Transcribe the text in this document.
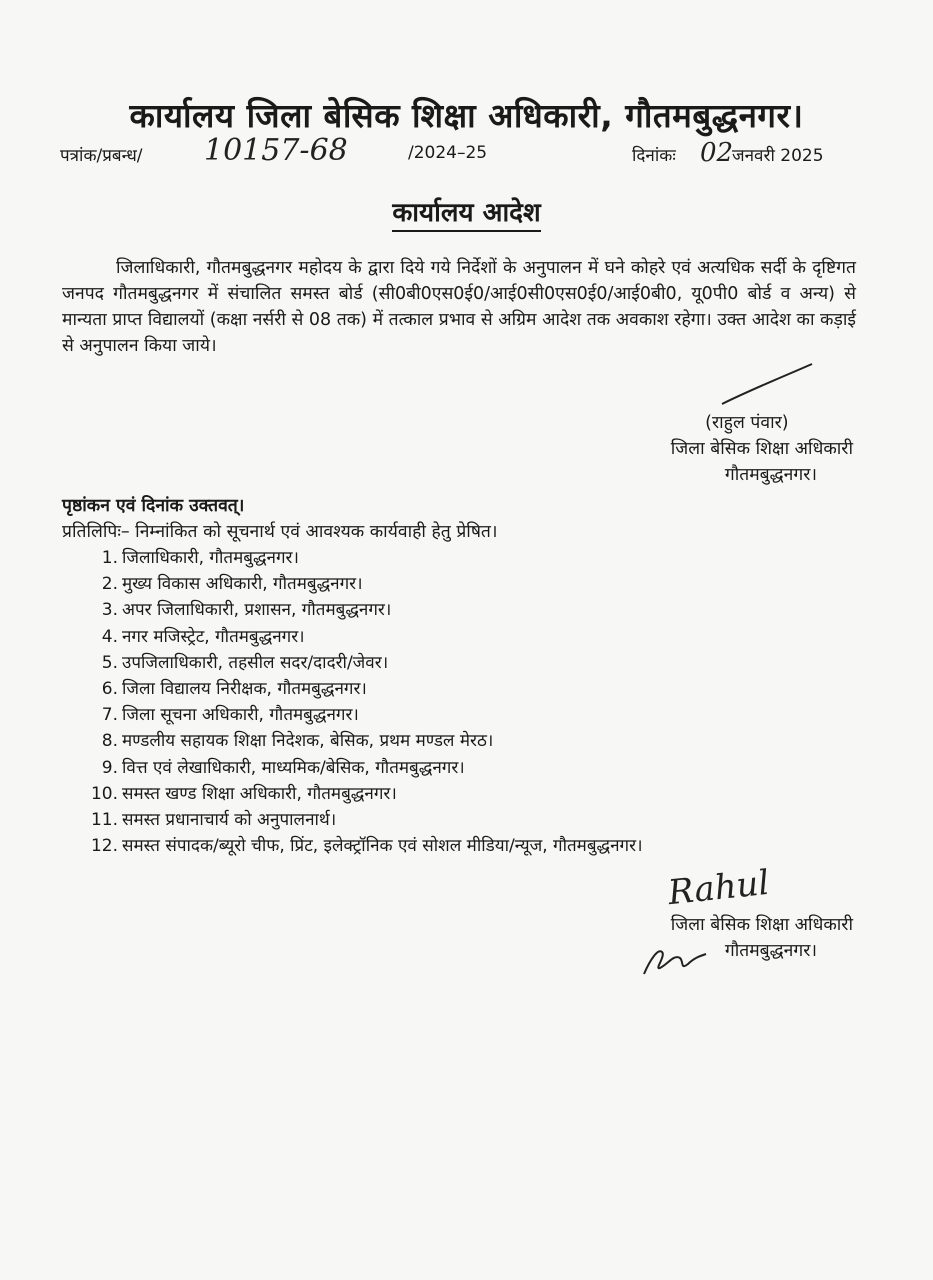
कार्यालय जिला बेसिक शिक्षा अधिकारी, गौतमबुद्धनगर।
पत्रांक/प्रबन्ध/ 10157-68	/2024–25	दिनांकः 02
जनवरी 2025
कार्यालय आदेश
जिलाधिकारी, गौतमबुद्धनगर महोदय के द्वारा दिये गये निर्देशों के अनुपालन में घने कोहरे एवं अत्यधिक सर्दी के दृष्टिगत जनपद गौतमबुद्धनगर में संचालित समस्त बोर्ड (सी0बी0एस0ई0/आई0सी0एस0ई0/आई0बी0, यू0पी0 बोर्ड व अन्य) से मान्यता प्राप्त विद्यालयों (कक्षा नर्सरी से 08 तक) में तत्काल प्रभाव से अग्रिम आदेश तक अवकाश रहेगा। उक्त आदेश का कड़ाई से अनुपालन किया जाये।
(राहुल पंवार)
जिला बेसिक शिक्षा अधिकारी
गौतमबुद्धनगर।
पृष्ठांकन एवं दिनांक उक्तवत्।
प्रतिलिपिः– निम्नांकित को सूचनार्थ एवं आवश्यक कार्यवाही हेतु प्रेषित।
1. जिलाधिकारी, गौतमबुद्धनगर।
2. मुख्य विकास अधिकारी, गौतमबुद्धनगर।
3. अपर जिलाधिकारी, प्रशासन, गौतमबुद्धनगर।
4. नगर मजिस्ट्रेट, गौतमबुद्धनगर।
5. उपजिलाधिकारी, तहसील सदर/दादरी/जेवर।
6. जिला विद्यालय निरीक्षक, गौतमबुद्धनगर।
7. जिला सूचना अधिकारी, गौतमबुद्धनगर।
8. मण्डलीय सहायक शिक्षा निदेशक, बेसिक, प्रथम मण्डल मेरठ।
9. वित्त एवं लेखाधिकारी, माध्यमिक/बेसिक, गौतमबुद्धनगर।
10. समस्त खण्ड शिक्षा अधिकारी, गौतमबुद्धनगर।
11. समस्त प्रधानाचार्य को अनुपालनार्थ।
12. समस्त संपादक/ब्यूरो चीफ, प्रिंट, इलेक्ट्रॉनिक एवं सोशल मीडिया/न्यूज, गौतमबुद्धनगर।
Rahul
जिला बेसिक शिक्षा अधिकारी
गौतमबुद्धनगर।
